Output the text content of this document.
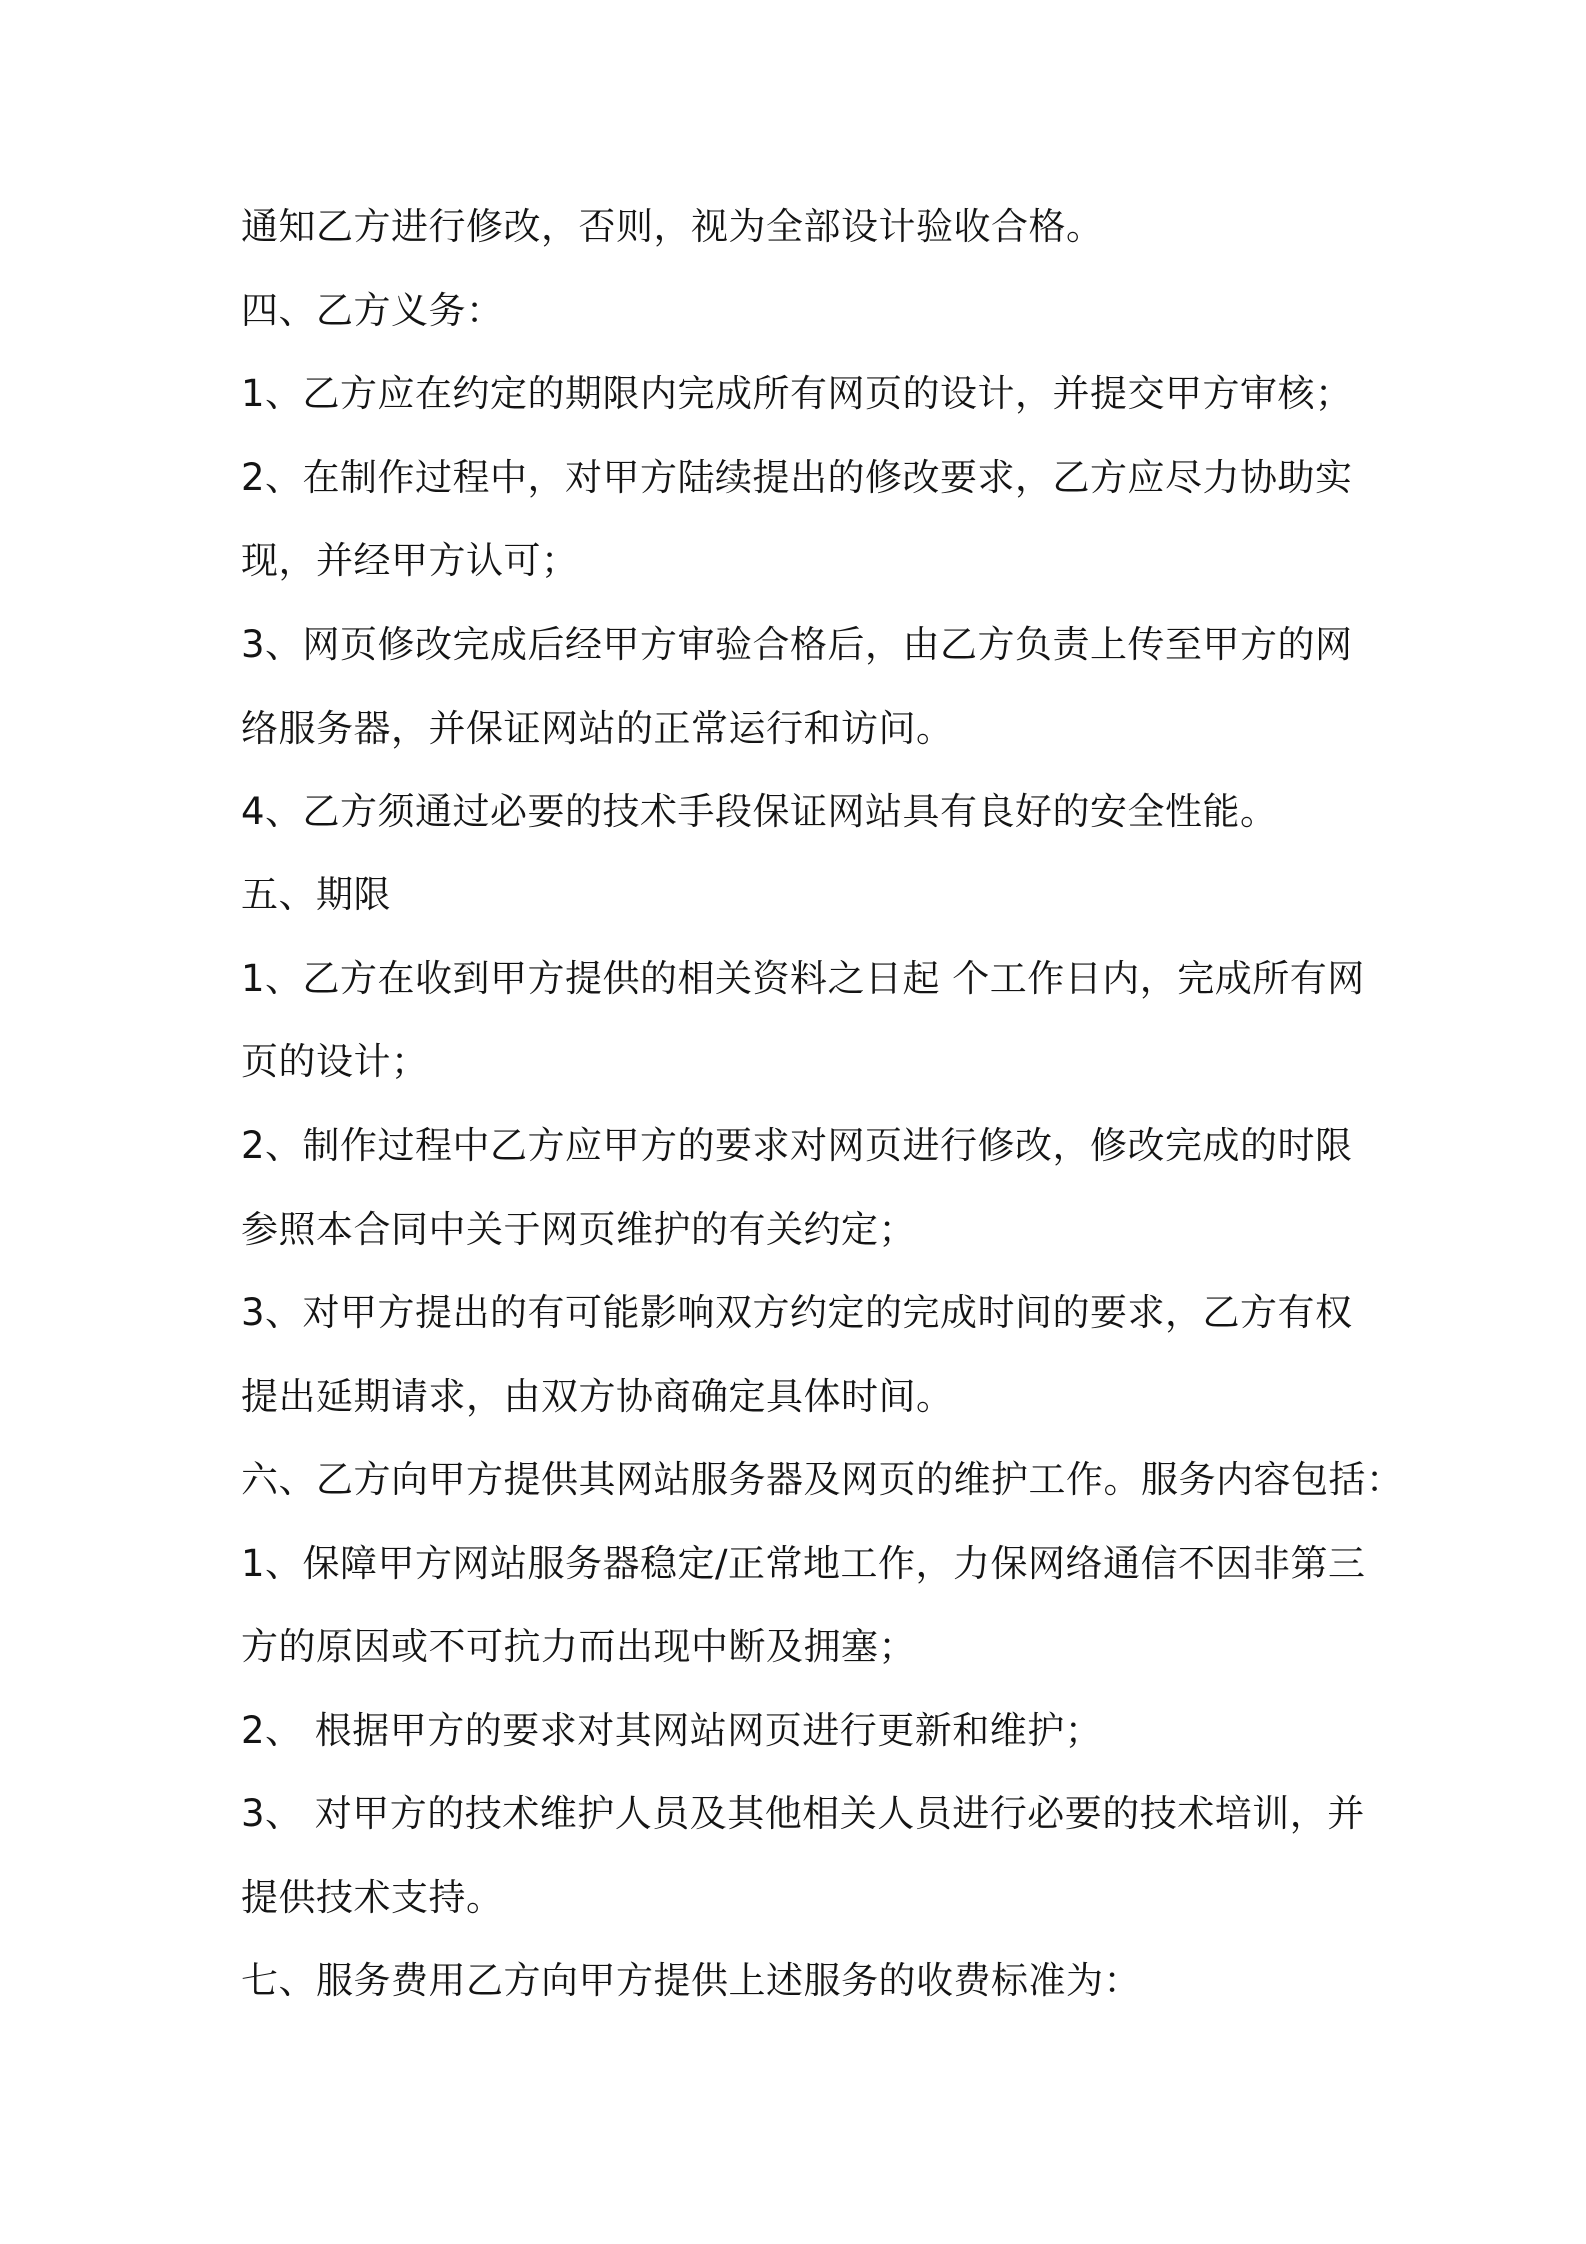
通知乙方进行修改，否则，视为全部设计验收合格。
四、乙方义务：
1、乙方应在约定的期限内完成所有网页的设计，并提交甲方审核；
2、在制作过程中，对甲方陆续提出的修改要求，乙方应尽力协助实
现，并经甲方认可；
3、网页修改完成后经甲方审验合格后，由乙方负责上传至甲方的网
络服务器，并保证网站的正常运行和访问。
4、乙方须通过必要的技术手段保证网站具有良好的安全性能。
五、期限
1、乙方在收到甲方提供的相关资料之日起 个工作日内，完成所有网
页的设计；
2、制作过程中乙方应甲方的要求对网页进行修改，修改完成的时限
参照本合同中关于网页维护的有关约定；
3、对甲方提出的有可能影响双方约定的完成时间的要求，乙方有权
提出延期请求，由双方协商确定具体时间。
六、乙方向甲方提供其网站服务器及网页的维护工作。服务内容包括：
1、保障甲方网站服务器稳定/正常地工作，力保网络通信不因非第三
方的原因或不可抗力而出现中断及拥塞；
2、 根据甲方的要求对其网站网页进行更新和维护；
3、 对甲方的技术维护人员及其他相关人员进行必要的技术培训，并
提供技术支持。
七、服务费用乙方向甲方提供上述服务的收费标准为：
